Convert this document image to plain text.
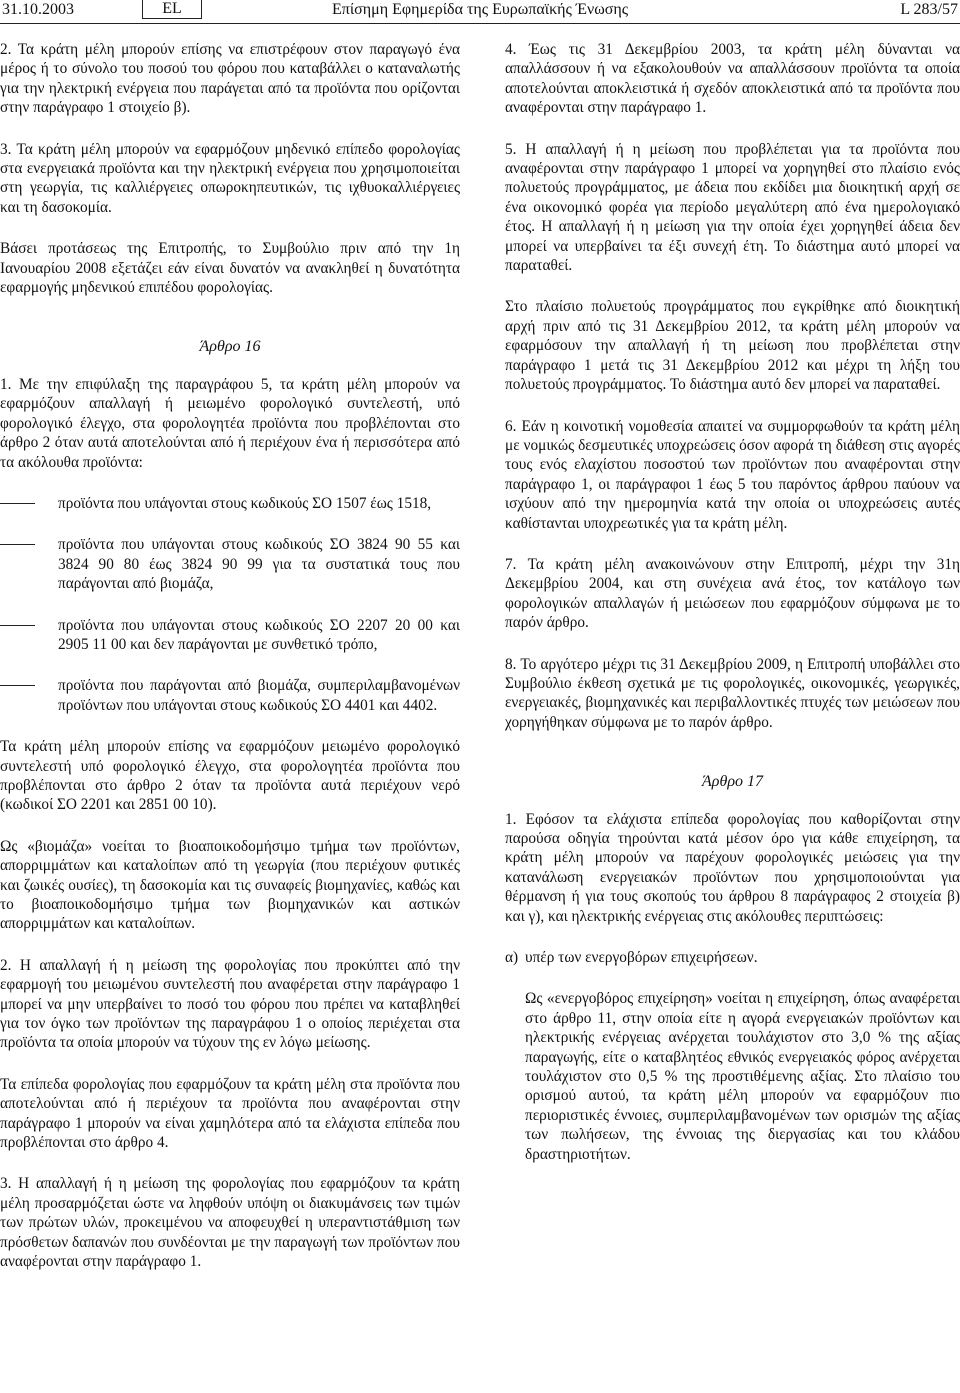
31.10.2003	EL	Επίσημη Εφημερίδα της Ευρωπαϊκής Ένωσης	L 283/57

2. Τα κράτη μέλη μπορούν επίσης να επιστρέφουν στον παραγωγό ένα μέρος ή το σύνολο του ποσού του φόρου που καταβάλλει ο καταναλωτής για την ηλεκτρική ενέργεια που παράγεται από τα προϊόντα που ορίζονται στην παράγραφο 1 στοιχείο β).

3. Τα κράτη μέλη μπορούν να εφαρμόζουν μηδενικό επίπεδο φορολογίας στα ενεργειακά προϊόντα και την ηλεκτρική ενέργεια που χρησιμοποιείται στη γεωργία, τις καλλιέργειες οπωροκηπευτικών, τις ιχθυοκαλλιέργειες και τη δασοκομία.

Βάσει προτάσεως της Επιτροπής, το Συμβούλιο πριν από την 1η Ιανουαρίου 2008 εξετάζει εάν είναι δυνατόν να ανακληθεί η δυνατότητα εφαρμογής μηδενικού επιπέδου φορολογίας.

Άρθρο 16

1. Με την επιφύλαξη της παραγράφου 5, τα κράτη μέλη μπορούν να εφαρμόζουν απαλλαγή ή μειωμένο φορολογικό συντελεστή, υπό φορολογικό έλεγχο, στα φορολογητέα προϊόντα που προβλέπονται στο άρθρο 2 όταν αυτά αποτελούνται από ή περιέχουν ένα ή περισσότερα από τα ακόλουθα προϊόντα:

προϊόντα που υπάγονται στους κωδικούς ΣΟ 1507 έως 1518,
προϊόντα που υπάγονται στους κωδικούς ΣΟ 3824 90 55 και 3824 90 80 έως 3824 90 99 για τα συστατικά τους που παράγονται από βιομάζα,
προϊόντα που υπάγονται στους κωδικούς ΣΟ 2207 20 00 και 2905 11 00 και δεν παράγονται με συνθετικό τρόπο,
προϊόντα που παράγονται από βιομάζα, συμπεριλαμβανομένων προϊόντων που υπάγονται στους κωδικούς ΣΟ 4401 και 4402.

Τα κράτη μέλη μπορούν επίσης να εφαρμόζουν μειωμένο φορολογικό συντελεστή υπό φορολογικό έλεγχο, στα φορολογητέα προϊόντα που προβλέπονται στο άρθρο 2 όταν τα προϊόντα αυτά περιέχουν νερό (κωδικοί ΣΟ 2201 και 2851 00 10).

Ως «βιομάζα» νοείται το βιοαποικοδομήσιμο τμήμα των προϊόντων, απορριμμάτων και καταλοίπων από τη γεωργία (που περιέχουν φυτικές και ζωικές ουσίες), τη δασοκομία και τις συναφείς βιομηχανίες, καθώς και το βιοαποικοδομήσιμο τμήμα των βιομηχανικών και αστικών απορριμμάτων και καταλοίπων.

2. Η απαλλαγή ή η μείωση της φορολογίας που προκύπτει από την εφαρμογή του μειωμένου συντελεστή που αναφέρεται στην παράγραφο 1 μπορεί να μην υπερβαίνει το ποσό του φόρου που πρέπει να καταβληθεί για τον όγκο των προϊόντων της παραγράφου 1 ο οποίος περιέχεται στα προϊόντα τα οποία μπορούν να τύχουν της εν λόγω μείωσης.

Τα επίπεδα φορολογίας που εφαρμόζουν τα κράτη μέλη στα προϊόντα που αποτελούνται από ή περιέχουν τα προϊόντα που αναφέρονται στην παράγραφο 1 μπορούν να είναι χαμηλότερα από τα ελάχιστα επίπεδα που προβλέπονται στο άρθρο 4.

3. Η απαλλαγή ή η μείωση της φορολογίας που εφαρμόζουν τα κράτη μέλη προσαρμόζεται ώστε να ληφθούν υπόψη οι διακυμάνσεις των τιμών των πρώτων υλών, προκειμένου να αποφευχθεί η υπεραντιστάθμιση των πρόσθετων δαπανών που συνδέονται με την παραγωγή των προϊόντων που αναφέρονται στην παράγραφο 1.

4. Έως τις 31 Δεκεμβρίου 2003, τα κράτη μέλη δύνανται να απαλλάσσουν ή να εξακολουθούν να απαλλάσσουν προϊόντα τα οποία αποτελούνται αποκλειστικά ή σχεδόν αποκλειστικά από τα προϊόντα που αναφέρονται στην παράγραφο 1.

5. Η απαλλαγή ή η μείωση που προβλέπεται για τα προϊόντα που αναφέρονται στην παράγραφο 1 μπορεί να χορηγηθεί στο πλαίσιο ενός πολυετούς προγράμματος, με άδεια που εκδίδει μια διοικητική αρχή σε ένα οικονομικό φορέα για περίοδο μεγαλύτερη από ένα ημερολογιακό έτος. Η απαλλαγή ή η μείωση για την οποία έχει χορηγηθεί άδεια δεν μπορεί να υπερβαίνει τα έξι συνεχή έτη. Το διάστημα αυτό μπορεί να παραταθεί.

Στο πλαίσιο πολυετούς προγράμματος που εγκρίθηκε από διοικητική αρχή πριν από τις 31 Δεκεμβρίου 2012, τα κράτη μέλη μπορούν να εφαρμόσουν την απαλλαγή ή τη μείωση που προβλέπεται στην παράγραφο 1 μετά τις 31 Δεκεμβρίου 2012 και μέχρι τη λήξη του πολυετούς προγράμματος. Το διάστημα αυτό δεν μπορεί να παραταθεί.

6. Εάν η κοινοτική νομοθεσία απαιτεί να συμμορφωθούν τα κράτη μέλη με νομικώς δεσμευτικές υποχρεώσεις όσον αφορά τη διάθεση στις αγορές τους ενός ελαχίστου ποσοστού των προϊόντων που αναφέρονται στην παράγραφο 1, οι παράγραφοι 1 έως 5 του παρόντος άρθρου παύουν να ισχύουν από την ημερομηνία κατά την οποία οι υποχρεώσεις αυτές καθίστανται υποχρεωτικές για τα κράτη μέλη.

7. Τα κράτη μέλη ανακοινώνουν στην Επιτροπή, μέχρι την 31η Δεκεμβρίου 2004, και στη συνέχεια ανά έτος, τον κατάλογο των φορολογικών απαλλαγών ή μειώσεων που εφαρμόζουν σύμφωνα με το παρόν άρθρο.

8. Το αργότερο μέχρι τις 31 Δεκεμβρίου 2009, η Επιτροπή υποβάλλει στο Συμβούλιο έκθεση σχετικά με τις φορολογικές, οικονομικές, γεωργικές, ενεργειακές, βιομηχανικές και περιβαλλοντικές πτυχές των μειώσεων που χορηγήθηκαν σύμφωνα με το παρόν άρθρο.

Άρθρο 17

1. Εφόσον τα ελάχιστα επίπεδα φορολογίας που καθορίζονται στην παρούσα οδηγία τηρούνται κατά μέσον όρο για κάθε επιχείρηση, τα κράτη μέλη μπορούν να παρέχουν φορολογικές μειώσεις για την κατανάλωση ενεργειακών προϊόντων που χρησιμοποιούνται για θέρμανση ή για τους σκοπούς του άρθρου 8 παράγραφος 2 στοιχεία β) και γ), και ηλεκτρικής ενέργειας στις ακόλουθες περιπτώσεις:

α) υπέρ των ενεργοβόρων επιχειρήσεων.

Ως «ενεργοβόρος επιχείρηση» νοείται η επιχείρηση, όπως αναφέρεται στο άρθρο 11, στην οποία είτε η αγορά ενεργειακών προϊόντων και ηλεκτρικής ενέργειας ανέρχεται τουλάχιστον στο 3,0 % της αξίας παραγωγής, είτε ο καταβλητέος εθνικός ενεργειακός φόρος ανέρχεται τουλάχιστον στο 0,5 % της προστιθέμενης αξίας. Στο πλαίσιο του ορισμού αυτού, τα κράτη μέλη μπορούν να εφαρμόζουν πιο περιοριστικές έννοιες, συμπεριλαμβανομένων των ορισμών της αξίας των πωλήσεων, της έννοιας της διεργασίας και του κλάδου δραστηριοτήτων.
